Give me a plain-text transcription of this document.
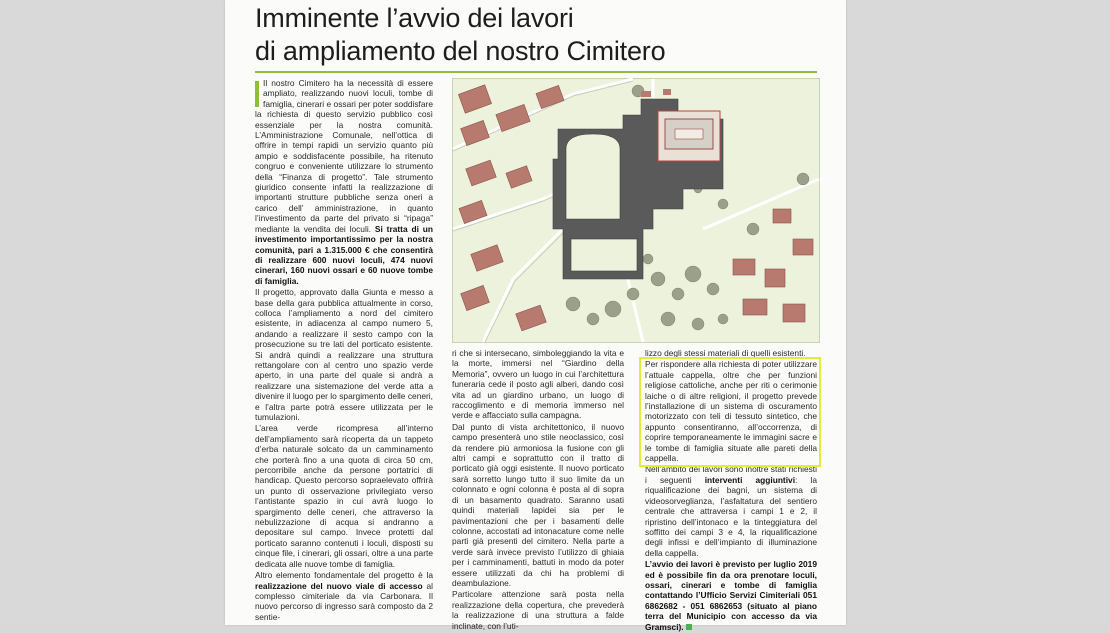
Imminente l’avvio dei lavori
di ampliamento del nostro Cimitero

Il nostro Cimitero ha la necessità di essere ampliato, realizzando nuovi loculi, tombe di famiglia, cinerari e ossari per poter soddisfare la richiesta di questo servizio pubblico così essenziale per la nostra comunità. L’Amministrazione Comunale, nell’ottica di offrire in tempi rapidi un servizio quanto più ampio e soddisfacente possibile, ha ritenuto congruo e conveniente utilizzare lo strumento della “Finanza di progetto”. Tale strumento giuridico consente infatti la realizzazione di importanti strutture pubbliche senza oneri a carico dell’ amministrazione, in quanto l’investimento da parte del privato si “ripaga” mediante la vendita dei loculi. Si tratta di un investimento importantissimo per la nostra comunità, pari a 1.315.000 € che consentirà di realizzare 600 nuovi loculi, 474 nuovi cinerari, 160 nuovi ossari e 60 nuove tombe di famiglia.

Il progetto, approvato dalla Giunta e messo a base della gara pubblica attualmente in corso, colloca l’ampliamento a nord del cimitero esistente, in adiacenza al campo numero 5, andando a realizzare il sesto campo con la prosecuzione su tre lati del porticato esistente. Si andrà quindi a realizzare una struttura rettangolare con al centro uno spazio verde aperto, in una parte del quale si andrà a realizzare una sistemazione del verde atta a divenire il luogo per lo spargimento delle ceneri, e l’altra parte potrà essere utilizzata per le tumulazioni.

L’area verde ricompresa all’interno dell’ampliamento sarà ricoperta da un tappeto d’erba naturale solcato da un camminamento che porterà fino a una quota di circa 50 cm, percorribile anche da persone portatrici di handicap. Questo percorso sopraelevato offrirà un punto di osservazione privilegiato verso l’antistante spazio in cui avrà luogo lo spargimento delle ceneri, che attraverso la nebulizzazione di acqua si andranno a depositare sul campo. Invece protetti dal porticato saranno contenuti i loculi, disposti su cinque file, i cinerari, gli ossari, oltre a una parte dedicata alle nuove tombe di famiglia.

Altro elemento fondamentale del progetto è la realizzazione del nuovo viale di accesso al complesso cimiteriale da via Carbonara. Il nuovo percorso di ingresso sarà composto da 2 sentie-

ri che si intersecano, simboleggiando la vita e la morte, immersi nel “Giardino della Memoria”, ovvero un luogo in cui l’architettura funeraria cede il posto agli alberi, dando così vita ad un giardino urbano, un luogo di raccoglimento e di memoria immerso nel verde e affacciato sulla campagna.

Dal punto di vista architettonico, il nuovo campo presenterà uno stile neoclassico, così da rendere più armoniosa la fusione con gli altri campi e soprattutto con il tratto di porticato già oggi esistente. Il nuovo porticato sarà sorretto lungo tutto il suo limite da un colonnato e ogni colonna è posta al di sopra di un basamento quadrato. Saranno usati quindi materiali lapidei sia per le pavimentazioni che per i basamenti delle colonne, accostati ad intonacature come nelle parti già presenti del cimitero. Nella parte a verde sarà invece previsto l’utilizzo di ghiaia per i camminamenti, battuti in modo da poter essere utilizzati da chi ha problemi di deambulazione.

Particolare attenzione sarà posta nella realizzazione della copertura, che prevederà la realizzazione di una struttura a falde inclinate, con l’uti-

lizzo degli stessi materiali di quelli esistenti.

Per rispondere alla richiesta di poter utilizzare l’attuale cappella, oltre che per funzioni religiose cattoliche, anche per riti o cerimonie laiche o di altre religioni, il progetto prevede l’installazione di un sistema di oscuramento motorizzato con teli di tessuto sintetico, che appunto consentiranno, all’occorrenza, di coprire temporaneamente le immagini sacre e le tombe di famiglia situate alle pareti della cappella.

Nell’ambito dei lavori sono inoltre stati richiesti i seguenti interventi aggiuntivi: la riqualificazione dei bagni, un sistema di videosorveglianza, l’asfaltatura del sentiero centrale che attraversa i campi 1 e 2, il ripristino dell’intonaco e la tinteggiatura del soffitto dei campi 3 e 4, la riqualificazione degli infissi e dell’impianto di illuminazione della cappella.

L’avvio dei lavori è previsto per luglio 2019 ed è possibile fin da ora prenotare loculi, ossari, cinerari e tombe di famiglia contattando l’Ufficio Servizi Cimiteriali 051 6862682 - 051 6862653 (situato al piano terra del Municipio con accesso da via Gramsci).
